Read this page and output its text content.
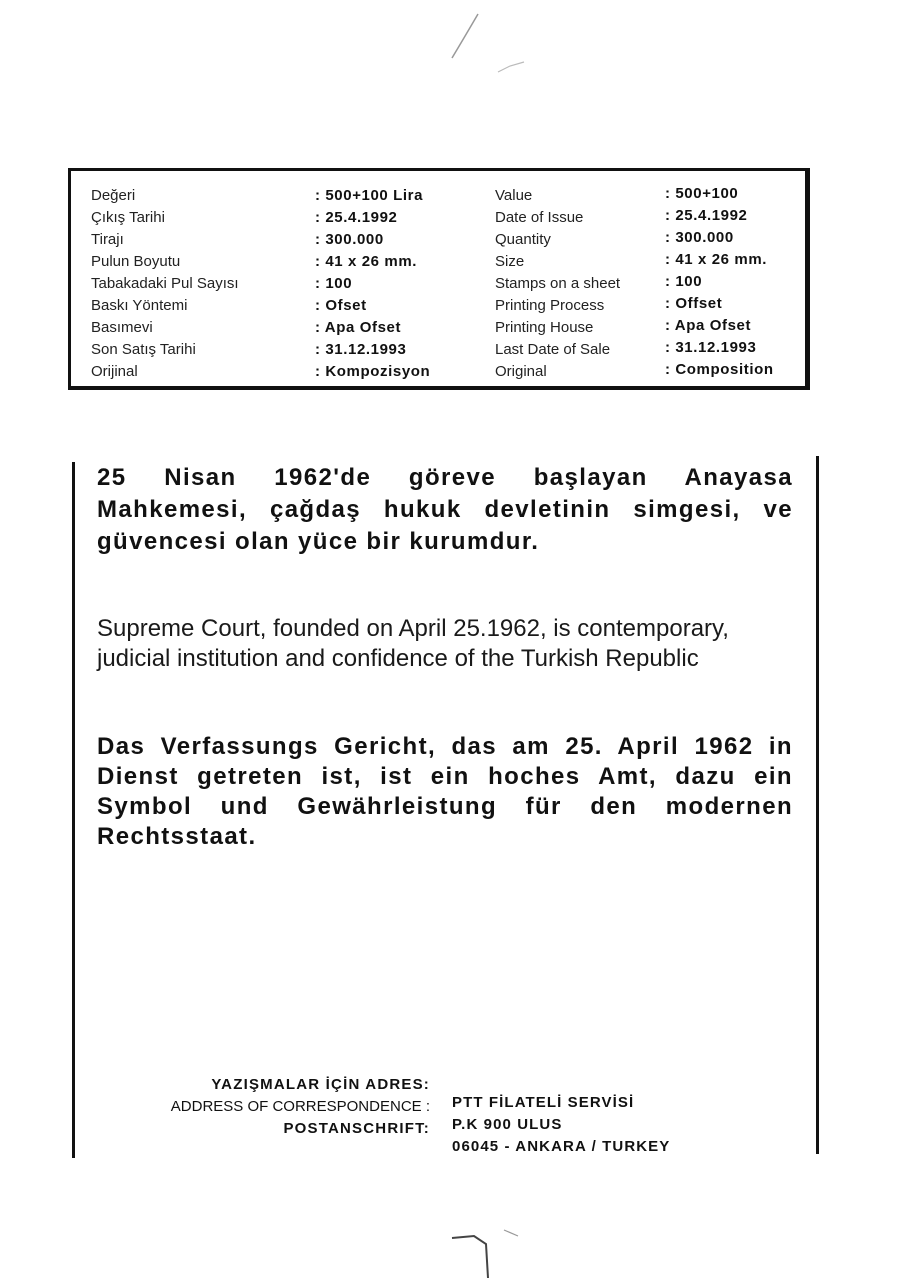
Değeri
Çıkış Tarihi
Tirajı
Pulun Boyutu
Tabakadaki Pul Sayısı
Baskı Yöntemi
Basımevi
Son Satış Tarihi
Orijinal
: 500+100 Lira
: 25.4.1992
: 300.000
: 41 x 26 mm.
: 100
: Ofset
: Apa Ofset
: 31.12.1993
: Kompozisyon
Value
Date of Issue
Quantity
Size
Stamps on a sheet
Printing Process
Printing House
Last Date of Sale
Original
: 500+100
: 25.4.1992
: 300.000
: 41 x 26 mm.
: 100
: Offset
: Apa Ofset
: 31.12.1993
: Composition
25 Nisan 1962'de göreve başlayan Anayasa Mahkemesi, çağdaş hukuk devletinin simgesi, ve güvencesi olan yüce bir kurumdur.
Supreme Court, founded on April 25.1962, is contemporary, judicial institution and confidence of the Turkish Republic
Das Verfassungs Gericht, das am 25. April 1962 in Dienst getreten ist, ist ein hoches Amt, dazu ein Symbol und Gewährleistung für den modernen Rechtsstaat.
YAZIŞMALAR İÇİN ADRES:
ADDRESS OF CORRESPONDENCE :
POSTANSCHRIFT:
PTT FİLATELİ SERVİSİ
P.K 900 ULUS
06045 - ANKARA / TURKEY
